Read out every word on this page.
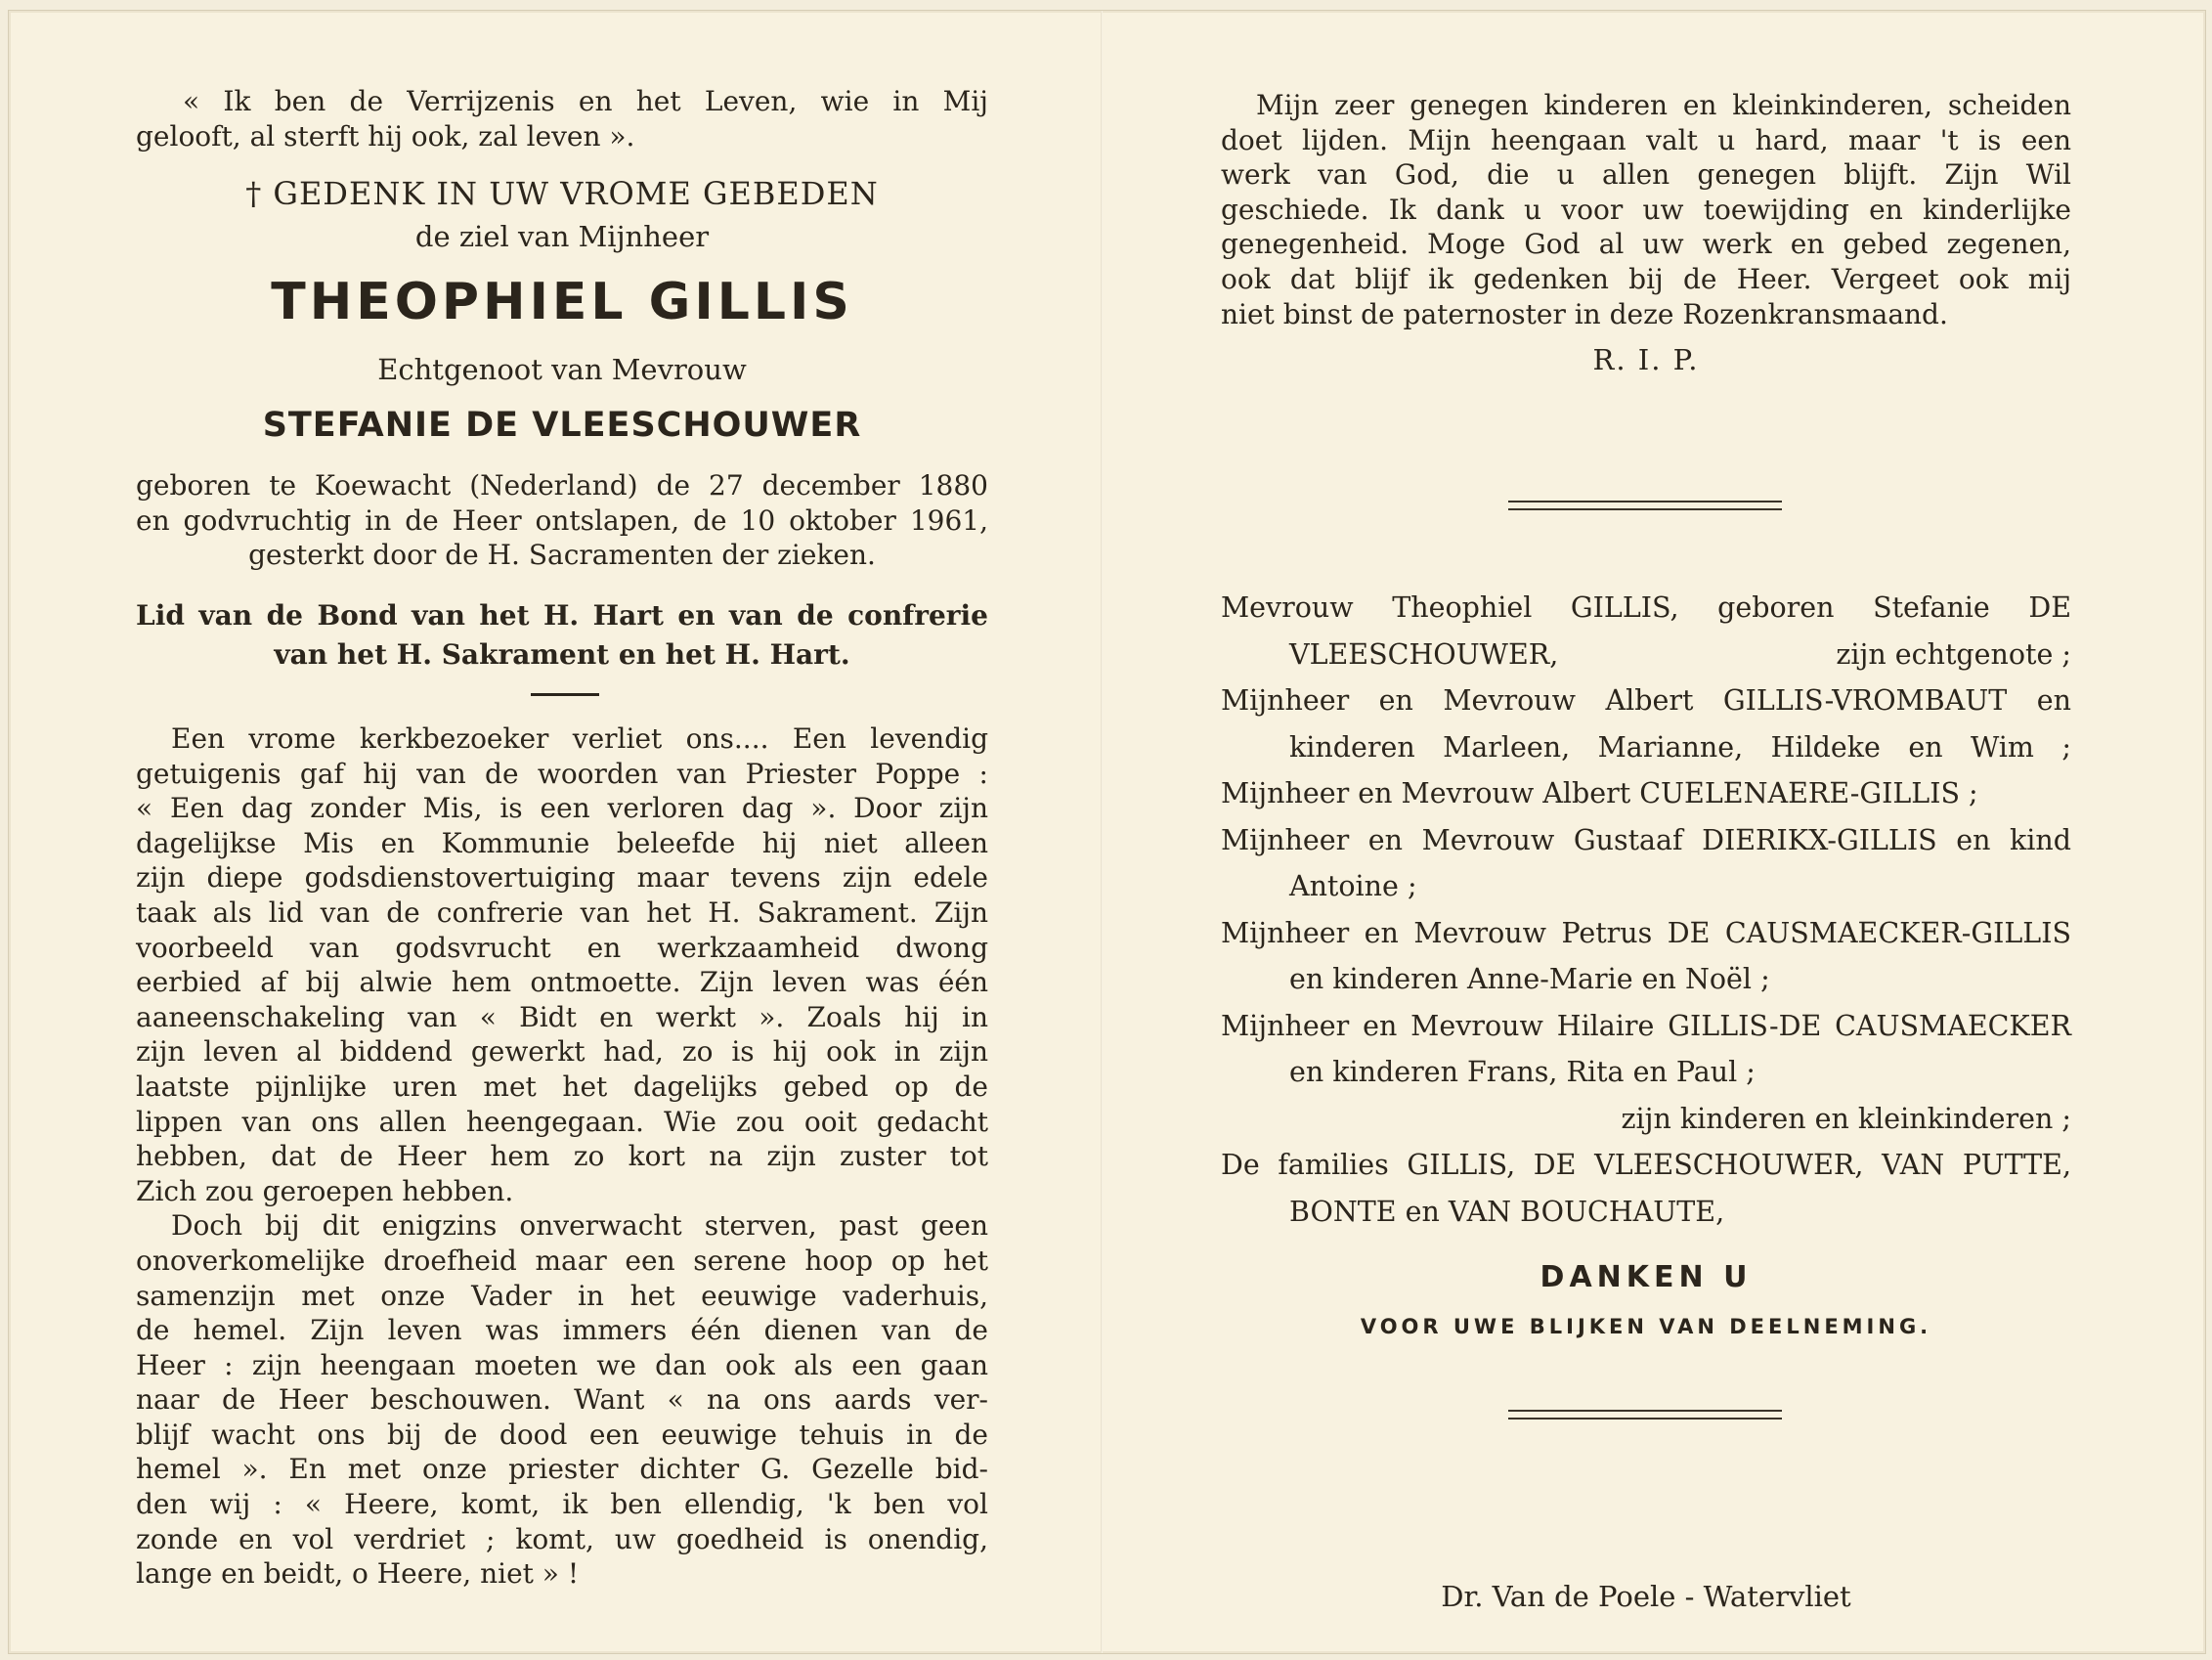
« Ik ben de Verrijzenis en het Leven, wie in Mij
gelooft, al sterft hij ook, zal leven ».
† GEDENK IN UW VROME GEBEDEN
de ziel van Mijnheer
THEOPHIEL GILLIS
Echtgenoot van Mevrouw
STEFANIE DE VLEESCHOUWER
geboren te Koewacht (Nederland) de 27 december 1880
en godvruchtig in de Heer ontslapen, de 10 oktober 1961,
gesterkt door de H. Sacramenten der zieken.
Lid van de Bond van het H. Hart en van de confrerie
van het H. Sakrament en het H. Hart.
Een vrome kerkbezoeker verliet ons.... Een levendig
getuigenis gaf hij van de woorden van Priester Poppe :
« Een dag zonder Mis, is een verloren dag ». Door zijn
dagelijkse Mis en Kommunie beleefde hij niet alleen
zijn diepe godsdienstovertuiging maar tevens zijn edele
taak als lid van de confrerie van het H. Sakrament. Zijn
voorbeeld van godsvrucht en werkzaamheid dwong
eerbied af bij alwie hem ontmoette. Zijn leven was één
aaneenschakeling van « Bidt en werkt ». Zoals hij in
zijn leven al biddend gewerkt had, zo is hij ook in zijn
laatste pijnlijke uren met het dagelijks gebed op de
lippen van ons allen heengegaan. Wie zou ooit gedacht
hebben, dat de Heer hem zo kort na zijn zuster tot
Zich zou geroepen hebben.
Doch bij dit enigzins onverwacht sterven, past geen
onoverkomelijke droefheid maar een serene hoop op het
samenzijn met onze Vader in het eeuwige vaderhuis,
de hemel. Zijn leven was immers één dienen van de
Heer : zijn heengaan moeten we dan ook als een gaan
naar de Heer beschouwen. Want « na ons aards ver-
blijf wacht ons bij de dood een eeuwige tehuis in de
hemel ». En met onze priester dichter G. Gezelle bid-
den wij : « Heere, komt, ik ben ellendig, 'k ben vol
zonde en vol verdriet ; komt, uw goedheid is onendig,
lange en beidt, o Heere, niet » !
Mijn zeer genegen kinderen en kleinkinderen, scheiden
doet lijden. Mijn heengaan valt u hard, maar 't is een
werk van God, die u allen genegen blijft. Zijn Wil
geschiede. Ik dank u voor uw toewijding en kinderlijke
genegenheid. Moge God al uw werk en gebed zegenen,
ook dat blijf ik gedenken bij de Heer. Vergeet ook mij
niet binst de paternoster in deze Rozenkransmaand.
R. I. P.
Mevrouw Theophiel GILLIS, geboren Stefanie DE
VLEESCHOUWER,	zijn echtgenote ;
Mijnheer en Mevrouw Albert GILLIS-VROMBAUT en
kinderen Marleen, Marianne, Hildeke en Wim ;
Mijnheer en Mevrouw Albert CUELENAERE-GILLIS ;
Mijnheer en Mevrouw Gustaaf DIERIKX-GILLIS en kind
Antoine ;
Mijnheer en Mevrouw Petrus DE CAUSMAECKER-GILLIS
en kinderen Anne-Marie en Noël ;
Mijnheer en Mevrouw Hilaire GILLIS-DE CAUSMAECKER
en kinderen Frans, Rita en Paul ;
zijn kinderen en kleinkinderen ;
De families GILLIS, DE VLEESCHOUWER, VAN PUTTE,
BONTE en VAN BOUCHAUTE,
DANKEN U
VOOR UWE BLIJKEN VAN DEELNEMING.
Dr. Van de Poele - Watervliet
